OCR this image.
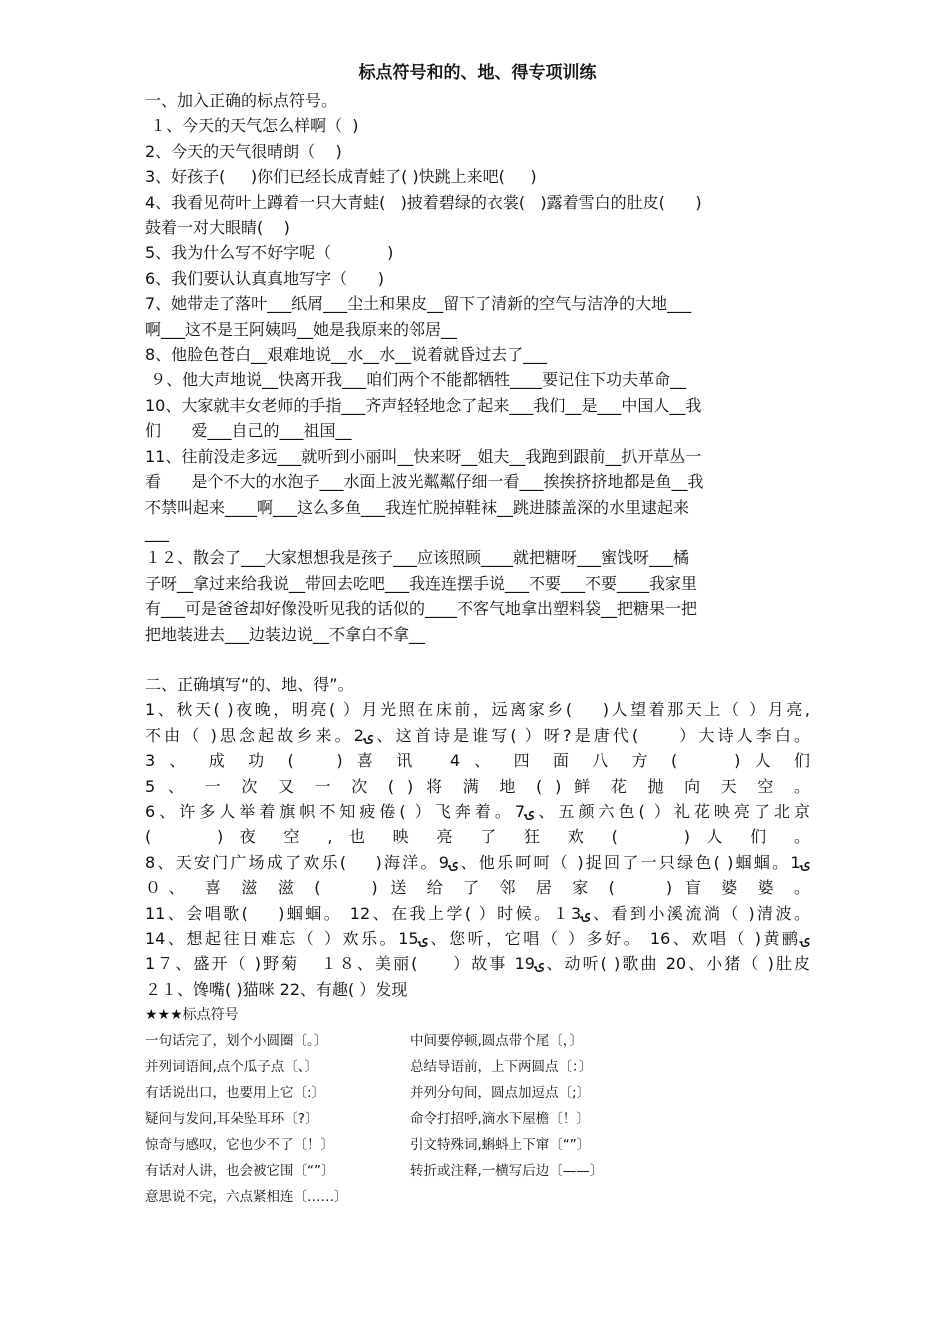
标点符号和的、地、得专项训练

一、加入正确的标点符号。

１、今天的天气怎么样啊（  )

2、今天的天气很晴朗（    )

3、好孩子(     )你们已经长成青蛙了( )快跳上来吧(     )

4、我看见荷叶上蹲着一只大青蛙(   )披着碧绿的衣裳(   )露着雪白的肚皮(      )

鼓着一对大眼睛(    )

5、我为什么写不好字呢（           )

6、我们要认认真真地写字（      )

7、她带走了落叶___纸屑___尘土和果皮__留下了清新的空气与洁净的大地___

啊___这不是王阿姨吗__她是我原来的邻居__

8、他脸色苍白__艰难地说__水__水__说着就昏过去了___

９、他大声地说__快离开我___咱们两个不能都牺牲____要记住下功夫革命__

10、大家就丰女老师的手指___齐声轻轻地念了起来___我们__是___中国人__我

们      爱___自己的___祖国__

11、往前没走多远___就听到小丽叫__快来呀__姐夫__我跑到跟前__扒开草丛一

看      是个不大的水泡子___水面上波光粼粼仔细一看___挨挨挤挤地都是鱼__我

不禁叫起来____啊___这么多鱼___我连忙脱掉鞋袜__跳进膝盖深的水里逮起来

___

１２、散会了___大家想想我是孩子___应该照顾____就把糖呀___蜜饯呀___橘

子呀__拿过来给我说__带回去吃吧___我连连摆手说___不要___不要____我家里

有___可是爸爸却好像没听见我的话似的____不客气地拿出塑料袋__把糖果一把

把地装进去___边装边说__不拿白不拿__

二、正确填写“的、地、得”。

1、秋天( )夜晚，明亮( ）月光照在床前，远离家乡(    )人望着那天上（ ）月亮,

不由（ )思念起故乡来。2⁠ۍ、这首诗是谁写( ）呀?是唐代(     ）大诗人李白。

3 、 成 功 (   ) 喜 讯  4 、 四 面 八 方 (    ) 人 们

5 、 一 次 又 一 次 ( ) 将 满 地 ( ) 鲜 花 抛 向 天 空 。

6、许多人举着旗帜不知疲倦( ）飞奔着。7ۍ、五颜六色( ）礼花映亮了北京

(    ) 夜 空 , 也 映 亮 了 狂 欢 (    ) 人 们 。

8、天安门广场成了欢乐(    )海洋。9ۍ、他乐呵呵（ )捉回了一只绿色( )蝈蝈。1ۍ

０、 喜 滋 滋 (    ) 送 给 了 邻 居 家 (    ) 盲 婆 婆 。

11、会唱歌(    )蝈蝈。 12、在我上学( ）时候。１3ۍ、看到小溪流淌（ )清波。

14、想起往日难忘（ ）欢乐。15ۍ、您听，它唱（ ）多好。 16、欢唱（ )黄鹂ۍ

1７、盛开（ )野菊   １８、美丽(     ）故事 19ۍ、动听( )歌曲 20、小猪（ )肚皮

２１、馋嘴( )猫咪 22、有趣( ）发现

★★★标点符号

一句话完了，划个小圆圈〔。〕	中间要停顿,圆点带个尾〔，〕

并列词语间,点个瓜子点〔、〕	总结导语前，上下两圆点〔：〕

有话说出口，也要用上它〔:〕	并列分句间，圆点加逗点〔;〕

疑问与发问,耳朵坠耳环〔?〕	命令打招呼,滴水下屋檐〔！〕

惊奇与感叹，它也少不了〔！〕	引文特殊词,蝌蚪上下窜〔“”〕

有话对人讲，也会被它围〔“”〕	转折或注释,一横写后边〔——〕

意思说不完，六点紧相连〔……〕
